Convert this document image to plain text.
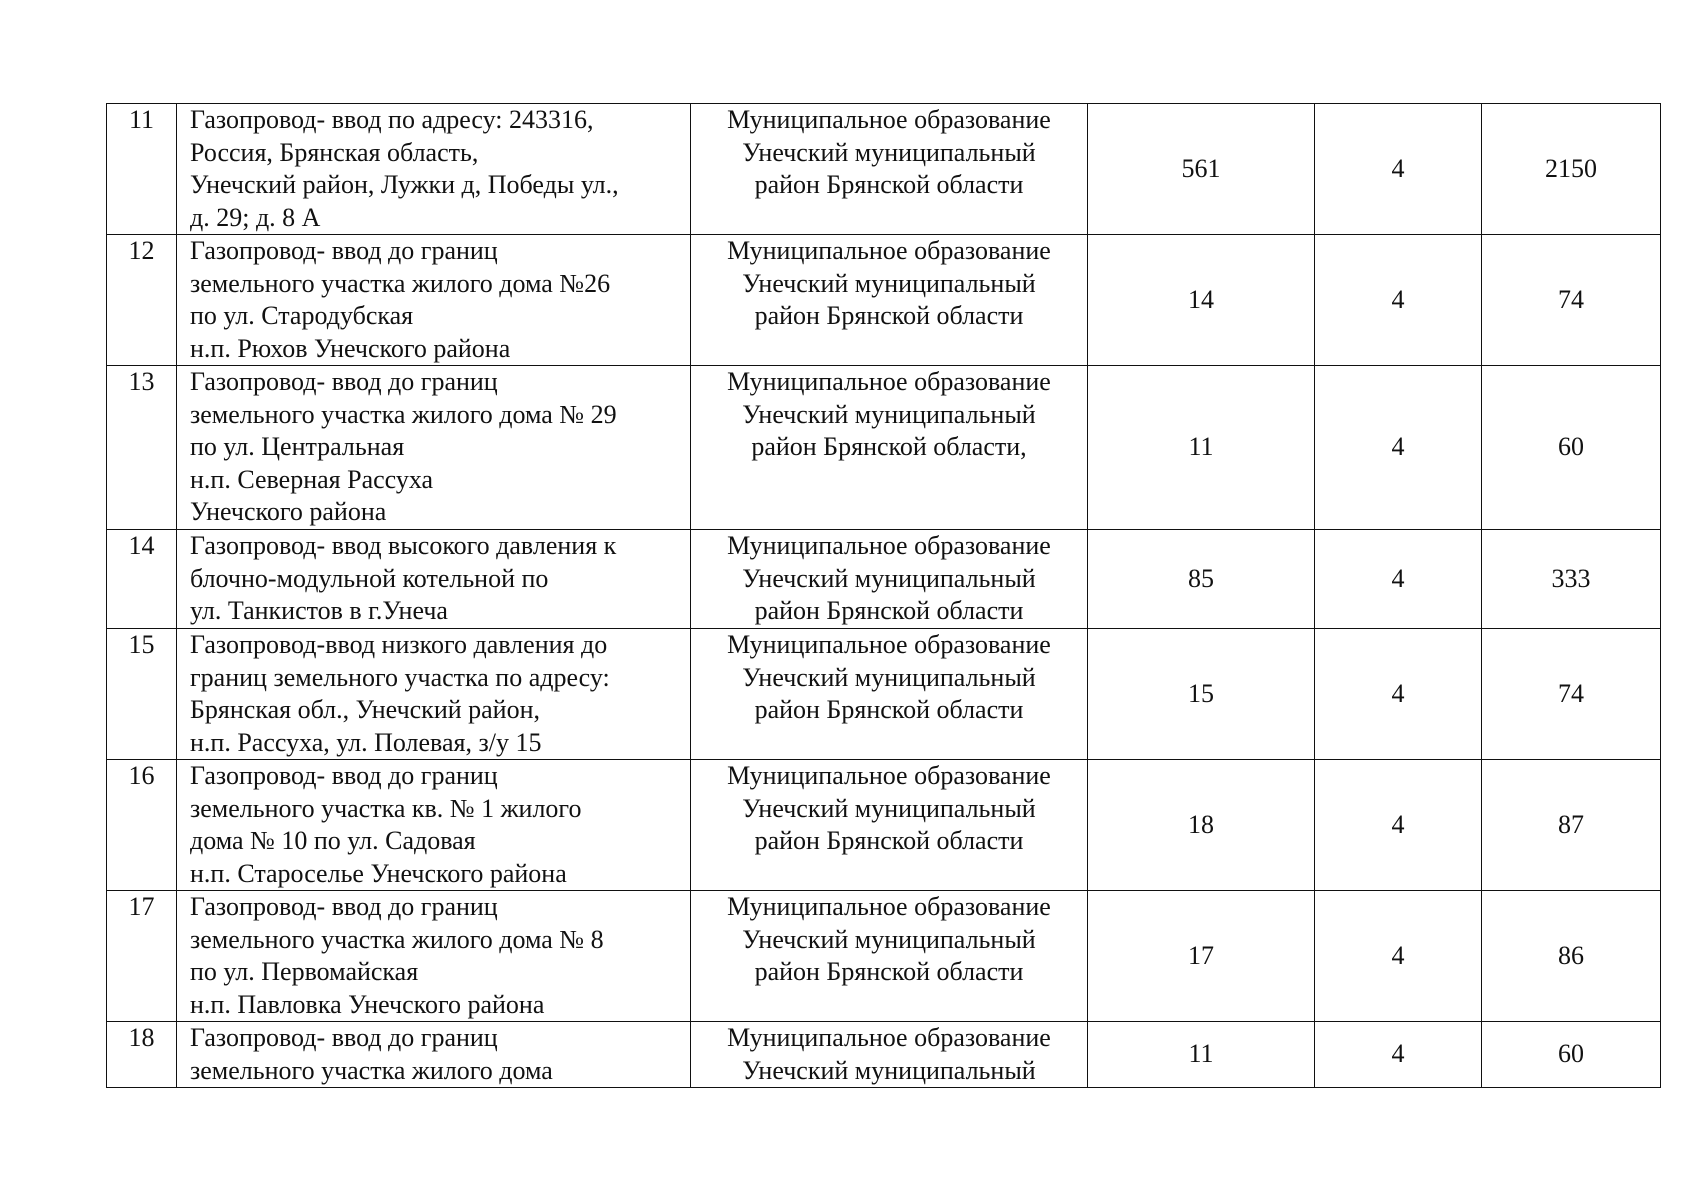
11	Газопровод- ввод по адресу: 243316,
Россия, Брянская область,
Унечский район, Лужки д, Победы ул.,
д. 29; д. 8 А	Муниципальное образование
Унечский муниципальный
район Брянской области	561	4	2150
12	Газопровод- ввод до границ
земельного участка жилого дома №26
по ул. Стародубская
н.п. Рюхов Унечского района	Муниципальное образование
Унечский муниципальный
район Брянской области	14	4	74
13	Газопровод- ввод до границ
земельного участка жилого дома № 29
по ул. Центральная
н.п. Северная Рассуха
Унечского района	Муниципальное образование
Унечский муниципальный
район Брянской области,	11	4	60
14	Газопровод- ввод высокого давления к
блочно-модульной котельной по
ул. Танкистов в г.Унеча	Муниципальное образование
Унечский муниципальный
район Брянской области	85	4	333
15	Газопровод-ввод низкого давления до
границ земельного участка по адресу:
Брянская обл., Унечский район,
н.п. Рассуха, ул. Полевая, з/у 15	Муниципальное образование
Унечский муниципальный
район Брянской области	15	4	74
16	Газопровод- ввод до границ
земельного участка кв. № 1 жилого
дома № 10 по ул. Садовая
н.п. Староселье Унечского района	Муниципальное образование
Унечский муниципальный
район Брянской области	18	4	87
17	Газопровод- ввод до границ
земельного участка жилого дома № 8
по ул. Первомайская
н.п. Павловка Унечского района	Муниципальное образование
Унечский муниципальный
район Брянской области	17	4	86
18	Газопровод- ввод до границ
земельного участка жилого дома	Муниципальное образование
Унечский муниципальный	11	4	60
